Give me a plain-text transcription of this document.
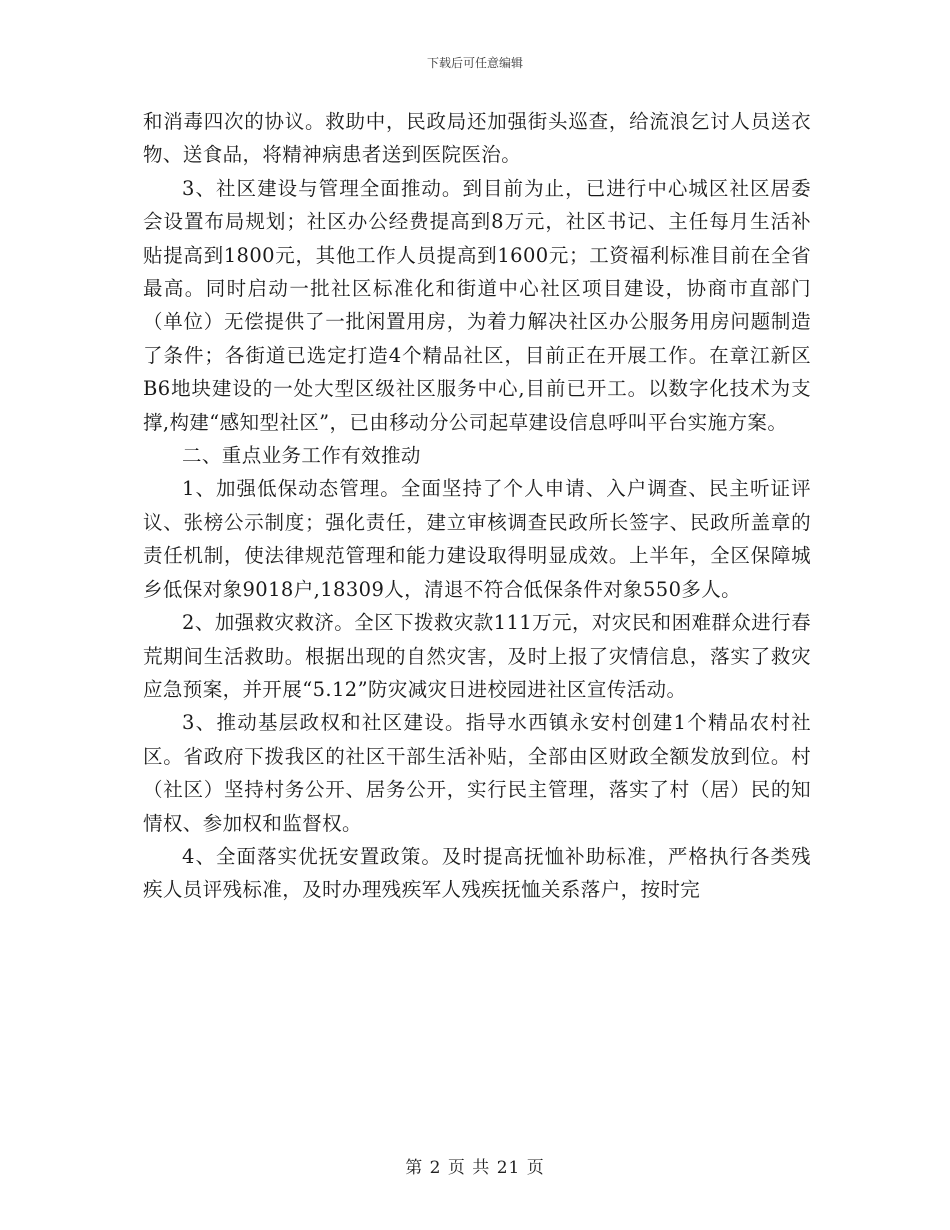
下载后可任意编辑

和消毒四次的协议。救助中，民政局还加强街头巡查，给流浪乞讨人员送衣物、送食品，将精神病患者送到医院医治。

3、社区建设与管理全面推动。到目前为止，已进行中心城区社区居委会设置布局规划；社区办公经费提高到8万元，社区书记、主任每月生活补贴提高到1800元，其他工作人员提高到1600元；工资福利标准目前在全省最高。同时启动一批社区标准化和街道中心社区项目建设，协商市直部门（单位）无偿提供了一批闲置用房，为着力解决社区办公服务用房问题制造了条件；各街道已选定打造4个精品社区，目前正在开展工作。在章江新区B6地块建设的一处大型区级社区服务中心,目前已开工。以数字化技术为支撑,构建“感知型社区”，已由移动分公司起草建设信息呼叫平台实施方案。

二、重点业务工作有效推动

1、加强低保动态管理。全面坚持了个人申请、入户调查、民主听证评议、张榜公示制度；强化责任，建立审核调查民政所长签字、民政所盖章的责任机制，使法律规范管理和能力建设取得明显成效。上半年，全区保障城乡低保对象9018户,18309人，清退不符合低保条件对象550多人。

2、加强救灾救济。全区下拨救灾款111万元，对灾民和困难群众进行春荒期间生活救助。根据出现的自然灾害，及时上报了灾情信息，落实了救灾应急预案，并开展“5.12”防灾减灾日进校园进社区宣传活动。

3、推动基层政权和社区建设。指导水西镇永安村创建1个精品农村社区。省政府下拨我区的社区干部生活补贴，全部由区财政全额发放到位。村（社区）坚持村务公开、居务公开，实行民主管理，落实了村（居）民的知情权、参加权和监督权。

4、全面落实优抚安置政策。及时提高抚恤补助标准，严格执行各类残疾人员评残标准，及时办理残疾军人残疾抚恤关系落户，按时完

第 2 页 共 21 页
